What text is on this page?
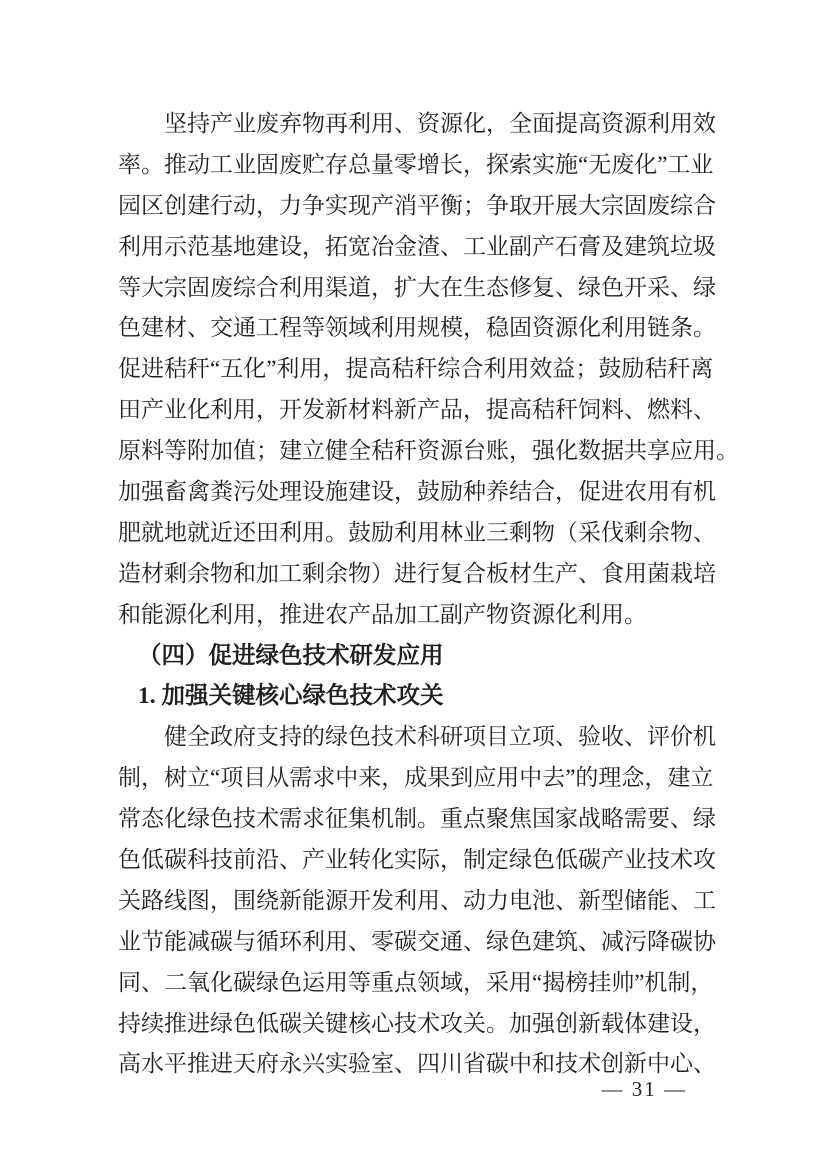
坚持产业废弃物再利用、资源化，全面提高资源利用效
率。推动工业固废贮存总量零增长，探索实施“无废化”工业
园区创建行动，力争实现产消平衡；争取开展大宗固废综合
利用示范基地建设，拓宽冶金渣、工业副产石膏及建筑垃圾
等大宗固废综合利用渠道，扩大在生态修复、绿色开采、绿
色建材、交通工程等领域利用规模，稳固资源化利用链条。
促进秸秆“五化”利用，提高秸秆综合利用效益；鼓励秸秆离
田产业化利用，开发新材料新产品，提高秸秆饲料、燃料、
原料等附加值；建立健全秸秆资源台账，强化数据共享应用。
加强畜禽粪污处理设施建设，鼓励种养结合，促进农用有机
肥就地就近还田利用。鼓励利用林业三剩物（采伐剩余物、
造材剩余物和加工剩余物）进行复合板材生产、食用菌栽培
和能源化利用，推进农产品加工副产物资源化利用。
（四）促进绿色技术研发应用
1. 加强关键核心绿色技术攻关
健全政府支持的绿色技术科研项目立项、验收、评价机
制，树立“项目从需求中来，成果到应用中去”的理念，建立
常态化绿色技术需求征集机制。重点聚焦国家战略需要、绿
色低碳科技前沿、产业转化实际，制定绿色低碳产业技术攻
关路线图，围绕新能源开发利用、动力电池、新型储能、工
业节能减碳与循环利用、零碳交通、绿色建筑、减污降碳协
同、二氧化碳绿色运用等重点领域，采用“揭榜挂帅”机制，
持续推进绿色低碳关键核心技术攻关。加强创新载体建设，
高水平推进天府永兴实验室、四川省碳中和技术创新中心、
— 31 —
